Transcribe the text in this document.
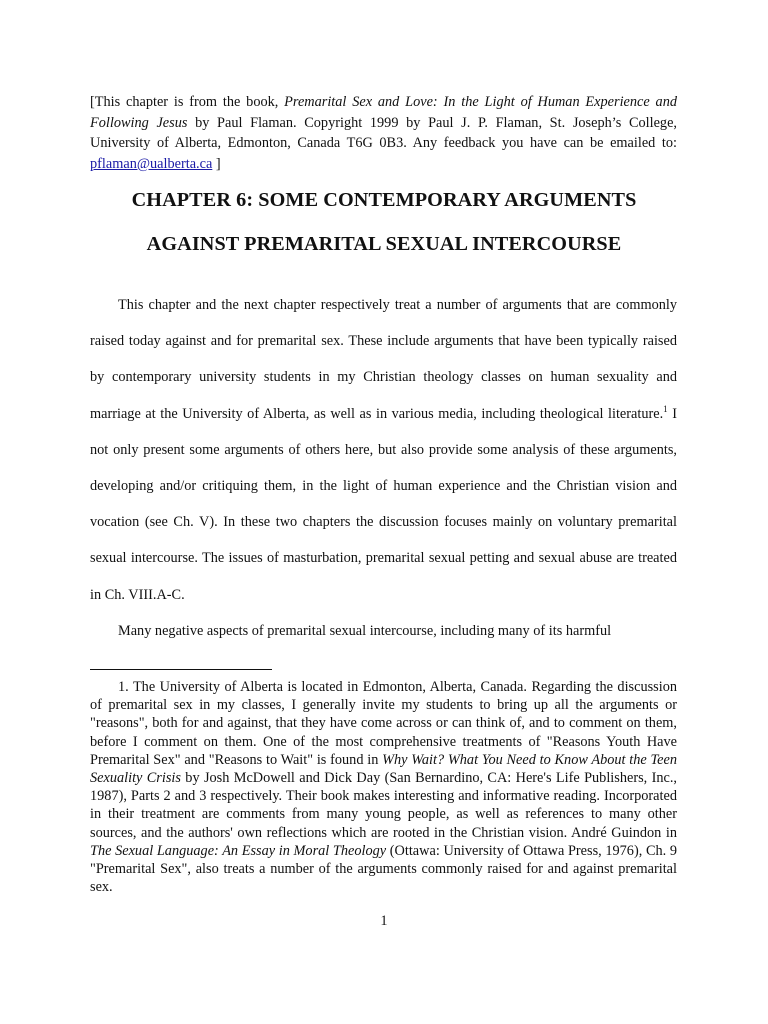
[This chapter is from the book, Premarital Sex and Love: In the Light of Human Experience and Following Jesus by Paul Flaman. Copyright 1999 by Paul J. P. Flaman, St. Joseph’s College, University of Alberta, Edmonton, Canada T6G 0B3. Any feedback you have can be emailed to: pflaman@ualberta.ca ]
CHAPTER 6: SOME CONTEMPORARY ARGUMENTS
AGAINST PREMARITAL SEXUAL INTERCOURSE

This chapter and the next chapter respectively treat a number of arguments that are commonly raised today against and for premarital sex. These include arguments that have been typically raised by contemporary university students in my Christian theology classes on human sexuality and marriage at the University of Alberta, as well as in various media, including theological literature.$^1$ I not only present some arguments of others here, but also provide some analysis of these arguments, developing and/or critiquing them, in the light of human experience and the Christian vision and vocation (see Ch. V). In these two chapters the discussion focuses mainly on voluntary premarital sexual intercourse. The issues of masturbation, premarital sexual petting and sexual abuse are treated in Ch. VIII.A-C.

Many negative aspects of premarital sexual intercourse, including many of its harmful

1. The University of Alberta is located in Edmonton, Alberta, Canada. Regarding the discussion of premarital sex in my classes, I generally invite my students to bring up all the arguments or "reasons", both for and against, that they have come across or can think of, and to comment on them, before I comment on them. One of the most comprehensive treatments of "Reasons Youth Have Premarital Sex" and "Reasons to Wait" is found in Why Wait? What You Need to Know About the Teen Sexuality Crisis by Josh McDowell and Dick Day (San Bernardino, CA: Here's Life Publishers, Inc., 1987), Parts 2 and 3 respectively. Their book makes interesting and informative reading. Incorporated in their treatment are comments from many young people, as well as references to many other sources, and the authors' own reflections which are rooted in the Christian vision. André Guindon in The Sexual Language: An Essay in Moral Theology (Ottawa: University of Ottawa Press, 1976), Ch. 9 "Premarital Sex", also treats a number of the arguments commonly raised for and against premarital sex.

1
